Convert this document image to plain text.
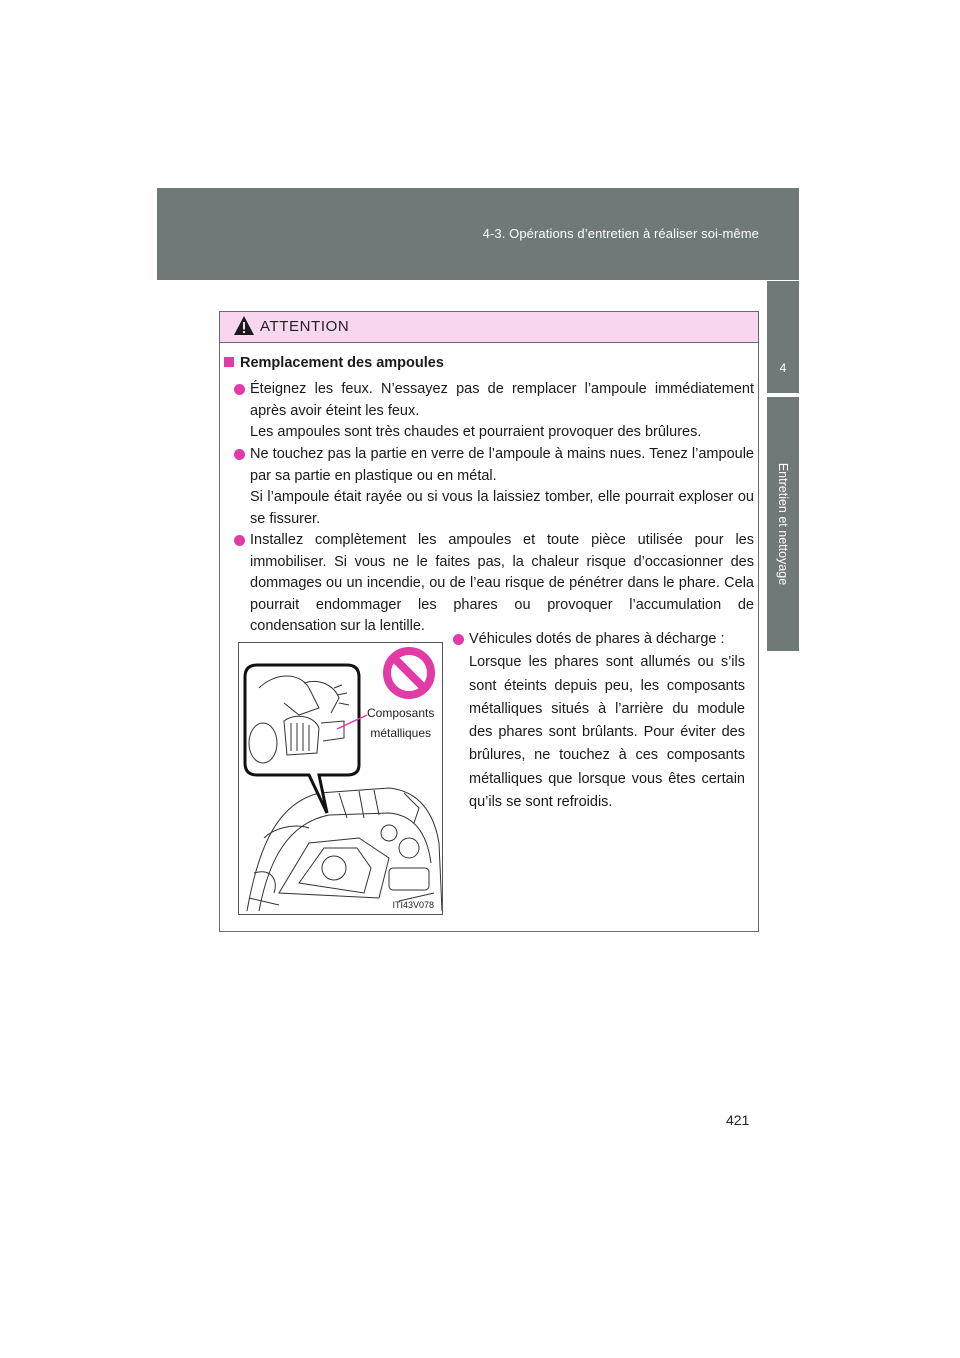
4-3. Opérations d’entretien à réaliser soi-même
4
Entretien et nettoyage
ATTENTION
Remplacement des ampoules

Éteignez les feux. N’essayez pas de remplacer l’ampoule immédiatement après avoir éteint les feux.

Les ampoules sont très chaudes et pourraient provoquer des brûlures.

Ne touchez pas la partie en verre de l’ampoule à mains nues. Tenez l’ampoule par sa partie en plastique ou en métal.

Si l’ampoule était rayée ou si vous la laissiez tomber, elle pourrait exploser ou se fissurer.

Installez complètement les ampoules et toute pièce utilisée pour les immobiliser. Si vous ne le faites pas, la chaleur risque d’occasionner des dommages ou un incendie, ou de l’eau risque de pénétrer dans le phare. Cela pourrait endommager les phares ou provoquer l’accumulation de condensation sur la lentille.

Composants
métalliques
ITI43V078

Véhicules dotés de phares à décharge :

Lorsque les phares sont allumés ou s’ils sont éteints depuis peu, les composants métalliques situés à l’arrière du module des phares sont brûlants. Pour éviter des brûlures, ne touchez à ces composants métalliques que lorsque vous êtes certain qu’ils se sont refroidis.

421
